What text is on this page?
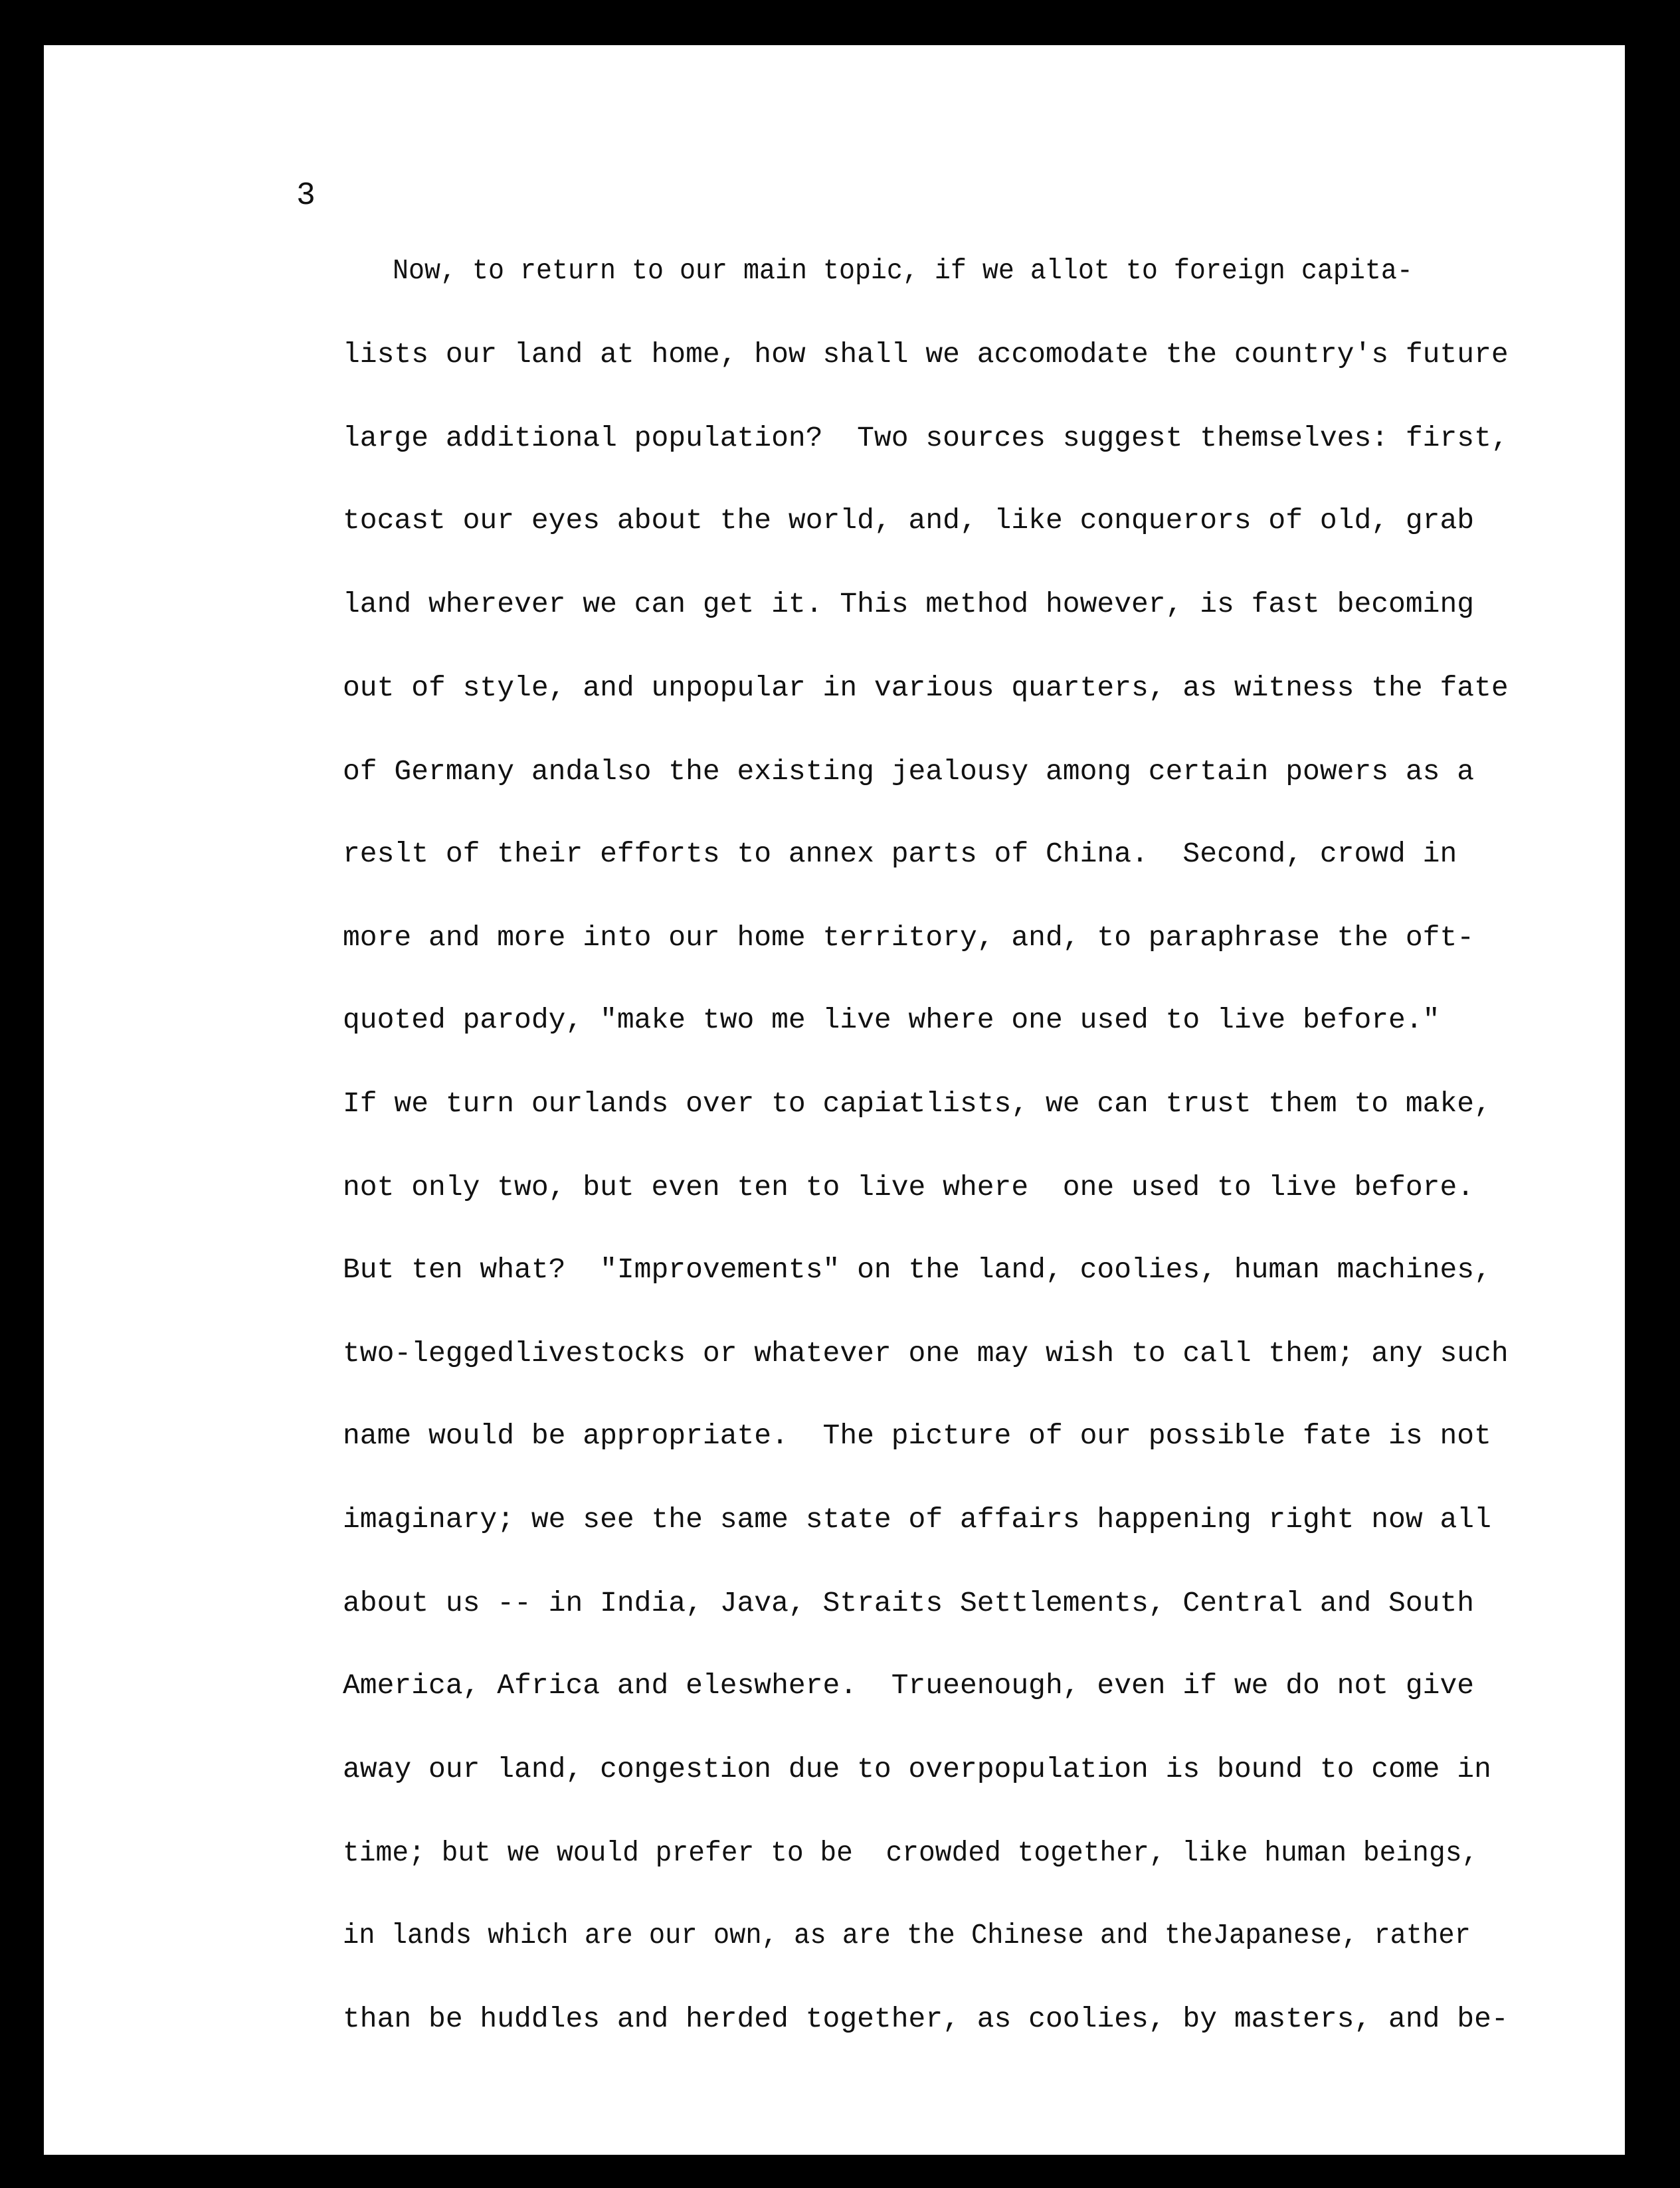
3
Now, to return to our main topic, if we allot to foreign capita-
lists our land at home, how shall we accomodate the country's future
large additional population?  Two sources suggest themselves: first,
tocast our eyes about the world, and, like conquerors of old, grab
land wherever we can get it. This method however, is fast becoming
out of style, and unpopular in various quarters, as witness the fate
of Germany andalso the existing jealousy among certain powers as a
reslt of their efforts to annex parts of China.  Second, crowd in
more and more into our home territory, and, to paraphrase the oft-
quoted parody, "make two me live where one used to live before."
If we turn ourlands over to capiatlists, we can trust them to make,
not only two, but even ten to live where  one used to live before.
But ten what?  "Improvements" on the land, coolies, human machines,
two-leggedlivestocks or whatever one may wish to call them; any such
name would be appropriate.  The picture of our possible fate is not
imaginary; we see the same state of affairs happening right now all
about us -- in India, Java, Straits Settlements, Central and South
America, Africa and eleswhere.  Trueenough, even if we do not give
away our land, congestion due to overpopulation is bound to come in
time; but we would prefer to be  crowded together, like human beings,
in lands which are our own, as are the Chinese and theJapanese, rather
than be huddles and herded together, as coolies, by masters, and be-
